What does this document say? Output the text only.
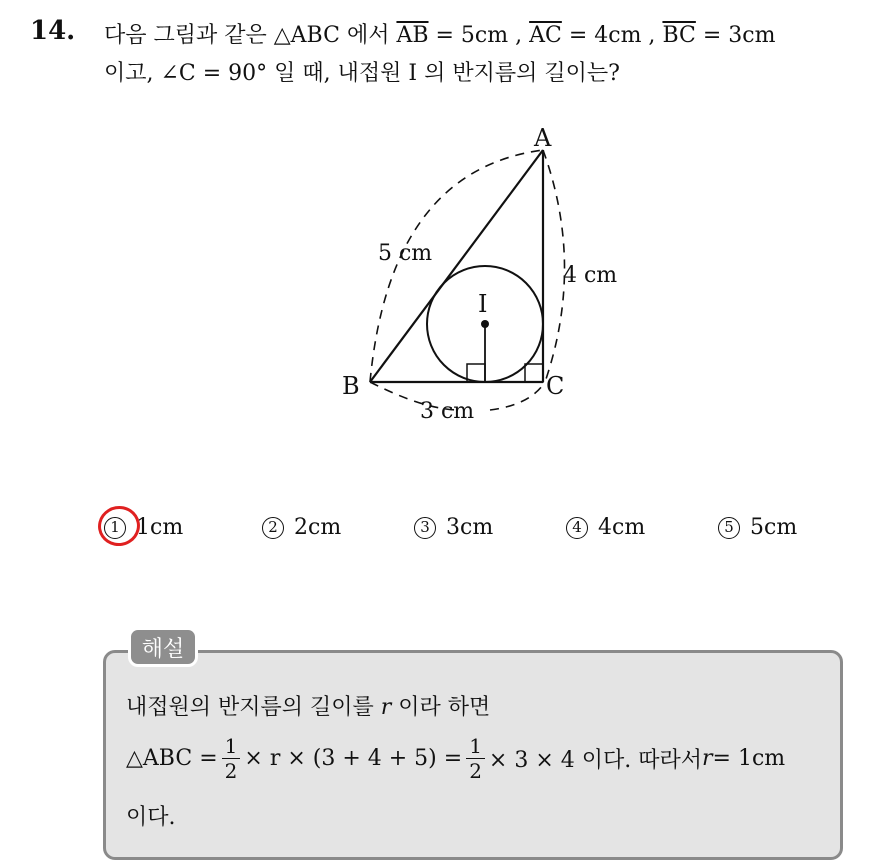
14. 다음 그림과 같은 △ABC 에서 $\overline{AB} = 5cm$ , $\overline{AC} = 4cm$ , $\overline{BC} = 3cm$
이고, ∠C = 90° 일 때, 내접원 I 의 반지름의 길이는?
A
B	C
I
5 cm
4 cm
3 cm
1 1cm	2 2cm	3 3cm	4 4cm	5 5cm
해설
내접원의 반지름의 길이를 r 이라 하면
△ABC = $\frac{1}{2} \times r \times (3 + 4 + 5) = \frac{1}{2} \times 3 \times 4$ 이다. 따라서 r = 1cm
이다.
